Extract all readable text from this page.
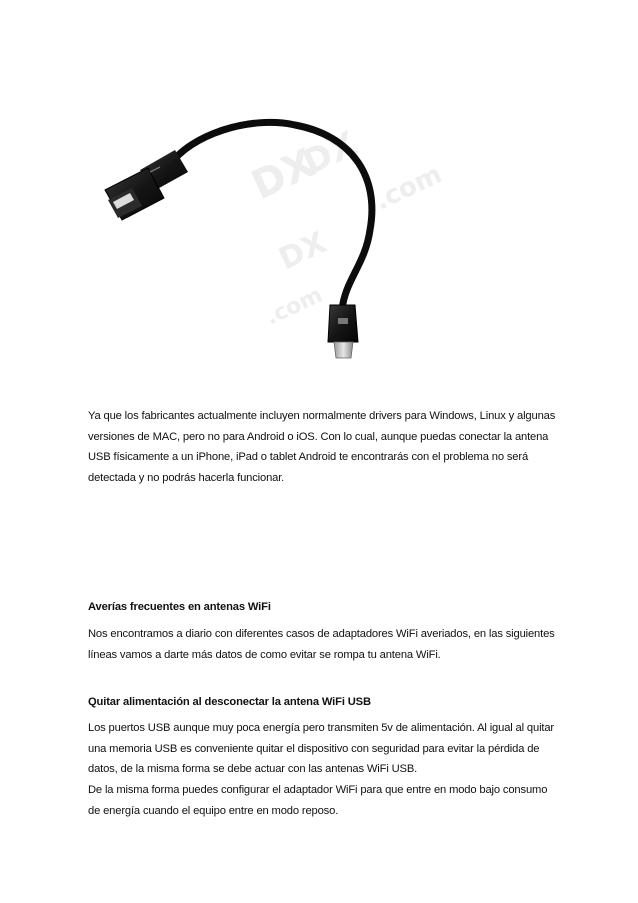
DX
DX
DX
.com
.com

Ya que los fabricantes actualmente incluyen normalmente drivers para Windows, Linux y algunas versiones de MAC, pero no para Android o iOS. Con lo cual, aunque puedas conectar la antena USB físicamente a un iPhone, iPad o tablet Android te encontrarás con el problema no será detectada y no podrás hacerla funcionar.

Averías frecuentes en antenas WiFi

Nos encontramos a diario con diferentes casos de adaptadores WiFi averiados, en las siguientes líneas vamos a darte más datos de como evitar se rompa tu antena WiFi.

Quitar alimentación al desconectar la antena WiFi USB

Los puertos USB aunque muy poca energía pero transmiten 5v de alimentación. Al igual al quitar una memoria USB es conveniente quitar el dispositivo con seguridad para evitar la pérdida de datos, de la misma forma se debe actuar con las antenas WiFi USB.

De la misma forma puedes configurar el adaptador WiFi para que entre en modo bajo consumo de energía cuando el equipo entre en modo reposo.
